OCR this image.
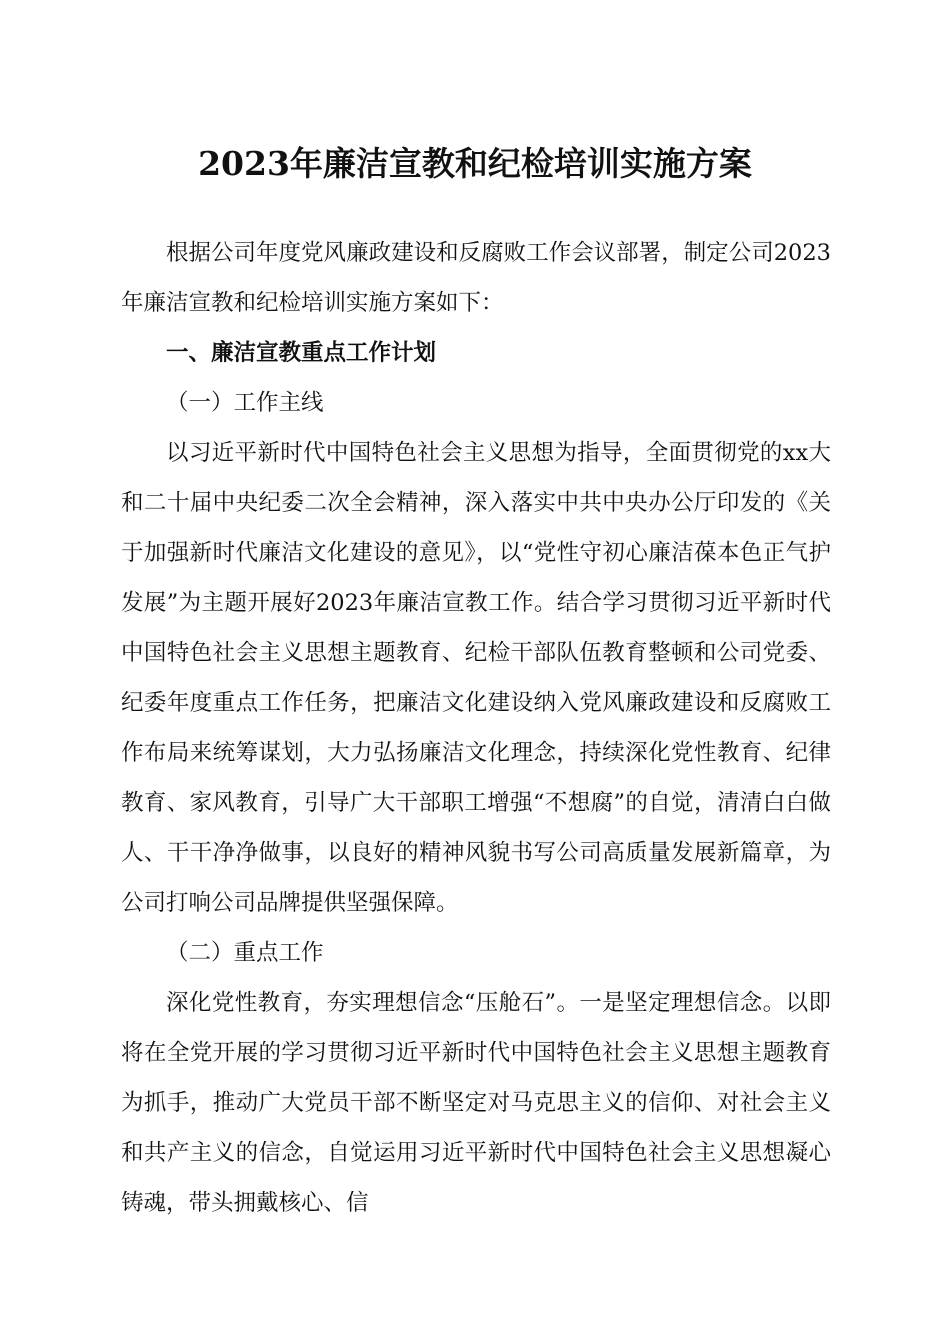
2023年廉洁宣教和纪检培训实施方案

根据公司年度党风廉政建设和反腐败工作会议部署，制定公司2023年廉洁宣教和纪检培训实施方案如下：

一、廉洁宣教重点工作计划
（一）工作主线

以习近平新时代中国特色社会主义思想为指导，全面贯彻党的xx大和二十届中央纪委二次全会精神，深入落实中共中央办公厅印发的《关于加强新时代廉洁文化建设的意见》，以“党性守初心廉洁葆本色正气护发展”为主题开展好2023年廉洁宣教工作。结合学习贯彻习近平新时代中国特色社会主义思想主题教育、纪检干部队伍教育整顿和公司党委、纪委年度重点工作任务，把廉洁文化建设纳入党风廉政建设和反腐败工作布局来统筹谋划，大力弘扬廉洁文化理念，持续深化党性教育、纪律教育、家风教育，引导广大干部职工增强“不想腐”的自觉，清清白白做人、干干净净做事，以良好的精神风貌书写公司高质量发展新篇章，为公司打响公司品牌提供坚强保障。

（二）重点工作

深化党性教育，夯实理想信念“压舱石”。一是坚定理想信念。以即将在全党开展的学习贯彻习近平新时代中国特色社会主义思想主题教育为抓手，推动广大党员干部不断坚定对马克思主义的信仰、对社会主义和共产主义的信念，自觉运用习近平新时代中国特色社会主义思想凝心铸魂，带头拥戴核心、信
